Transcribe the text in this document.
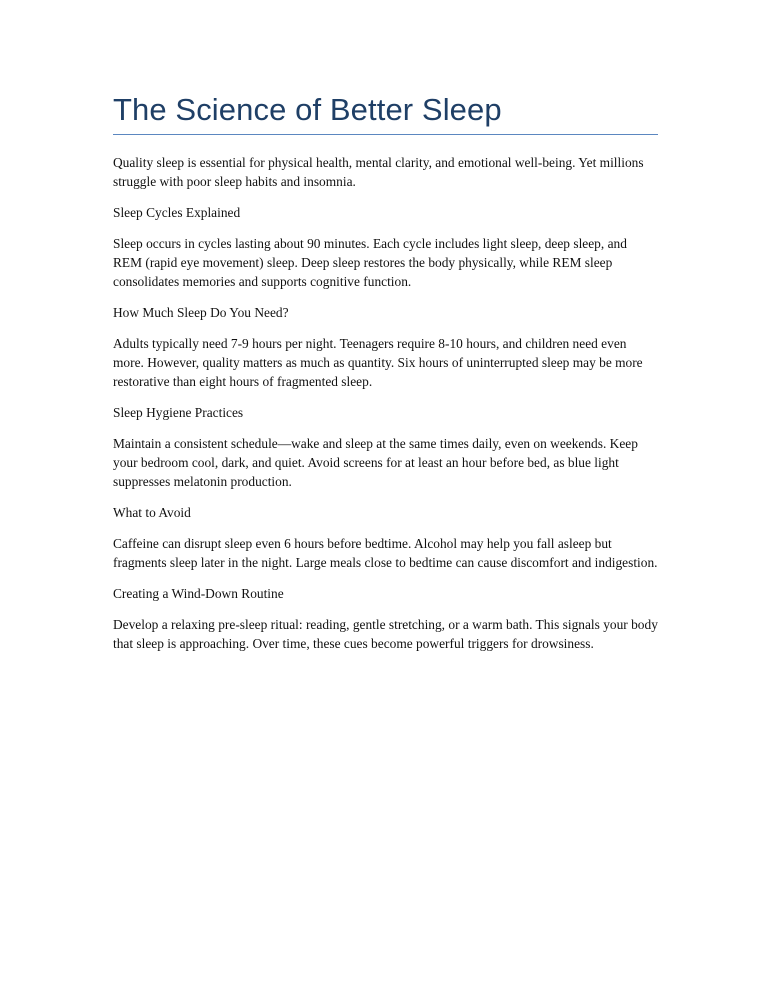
The Science of Better Sleep

Quality sleep is essential for physical health, mental clarity, and emotional well-being. Yet millions struggle with poor sleep habits and insomnia.

Sleep Cycles Explained

Sleep occurs in cycles lasting about 90 minutes. Each cycle includes light sleep, deep sleep, and REM (rapid eye movement) sleep. Deep sleep restores the body physically, while REM sleep consolidates memories and supports cognitive function.

How Much Sleep Do You Need?

Adults typically need 7-9 hours per night. Teenagers require 8-10 hours, and children need even more. However, quality matters as much as quantity. Six hours of uninterrupted sleep may be more restorative than eight hours of fragmented sleep.

Sleep Hygiene Practices

Maintain a consistent schedule—wake and sleep at the same times daily, even on weekends. Keep your bedroom cool, dark, and quiet. Avoid screens for at least an hour before bed, as blue light suppresses melatonin production.

What to Avoid

Caffeine can disrupt sleep even 6 hours before bedtime. Alcohol may help you fall asleep but fragments sleep later in the night. Large meals close to bedtime can cause discomfort and indigestion.

Creating a Wind-Down Routine

Develop a relaxing pre-sleep ritual: reading, gentle stretching, or a warm bath. This signals your body that sleep is approaching. Over time, these cues become powerful triggers for drowsiness.
